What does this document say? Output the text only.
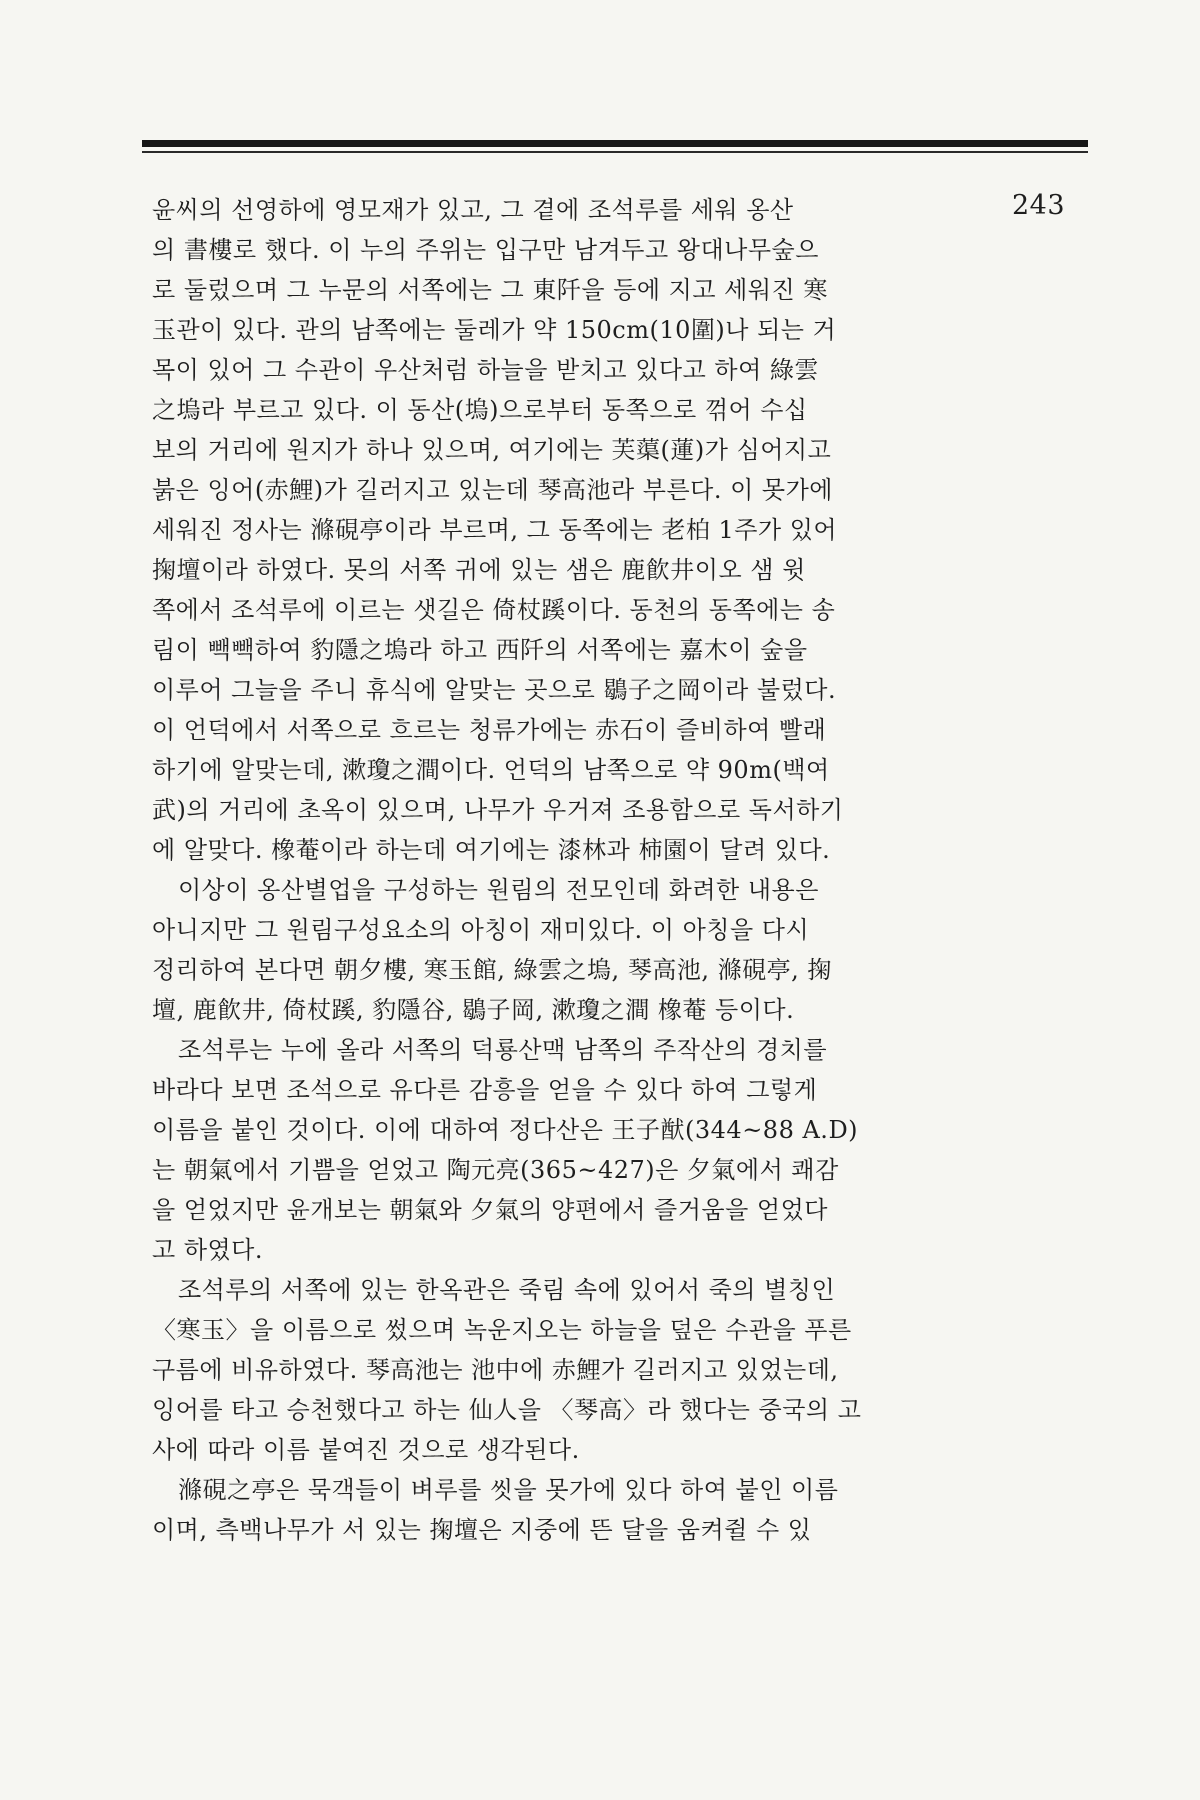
243
윤씨의 선영하에 영모재가 있고, 그 곁에 조석루를 세워 옹산
의 書樓로 했다. 이 누의 주위는 입구만 남겨두고 왕대나무숲으
로 둘렀으며 그 누문의 서쪽에는 그 東阡을 등에 지고 세워진 寒
玉관이 있다. 관의 남쪽에는 둘레가 약 150cm(10圍)나 되는 거
목이 있어 그 수관이 우산처럼 하늘을 받치고 있다고 하여 綠雲
之塢라 부르고 있다. 이 동산(塢)으로부터 동쪽으로 꺾어 수십
보의 거리에 원지가 하나 있으며, 여기에는 芙蕖(蓮)가 심어지고
붉은 잉어(赤鯉)가 길러지고 있는데 琴高池라 부른다. 이 못가에
세워진 정사는 滌硯亭이라 부르며, 그 동쪽에는 老柏 1주가 있어
掬壇이라 하였다. 못의 서쪽 귀에 있는 샘은 鹿飮井이오 샘 윗
쪽에서 조석루에 이르는 샛길은 倚杖蹊이다. 동천의 동쪽에는 송
림이 빽빽하여 豹隱之塢라 하고 西阡의 서쪽에는 嘉木이 숲을
이루어 그늘을 주니 휴식에 알맞는 곳으로 鶡子之岡이라 불렀다.
이 언덕에서 서쪽으로 흐르는 청류가에는 赤石이 즐비하여 빨래
하기에 알맞는데, 漱瓊之澗이다. 언덕의 남쪽으로 약 90m(백여
武)의 거리에 초옥이 있으며, 나무가 우거져 조용함으로 독서하기
에 알맞다. 橡菴이라 하는데 여기에는 漆林과 柿園이 달려 있다.
이상이 옹산별업을 구성하는 원림의 전모인데 화려한 내용은
아니지만 그 원림구성요소의 아칭이 재미있다. 이 아칭을 다시
정리하여 본다면 朝夕樓, 寒玉館, 綠雲之塢, 琴高池, 滌硯亭, 掬
壇, 鹿飮井, 倚杖蹊, 豹隱谷, 鶡子岡, 漱瓊之澗 橡菴 등이다.
조석루는 누에 올라 서쪽의 덕룡산맥 남쪽의 주작산의 경치를
바라다 보면 조석으로 유다른 감흥을 얻을 수 있다 하여 그렇게
이름을 붙인 것이다. 이에 대하여 정다산은 王子猷(344~88 A.D)
는 朝氣에서 기쁨을 얻었고 陶元亮(365~427)은 夕氣에서 쾌감
을 얻었지만 윤개보는 朝氣와 夕氣의 양편에서 즐거움을 얻었다
고 하였다.
조석루의 서쪽에 있는 한옥관은 죽림 속에 있어서 죽의 별칭인
〈寒玉〉을 이름으로 썼으며 녹운지오는 하늘을 덮은 수관을 푸른
구름에 비유하였다. 琴高池는 池中에 赤鯉가 길러지고 있었는데,
잉어를 타고 승천했다고 하는 仙人을 〈琴高〉라 했다는 중국의 고
사에 따라 이름 붙여진 것으로 생각된다.
滌硯之亭은 묵객들이 벼루를 씻을 못가에 있다 하여 붙인 이름
이며, 측백나무가 서 있는 掬壇은 지중에 뜬 달을 움켜쥘 수 있
